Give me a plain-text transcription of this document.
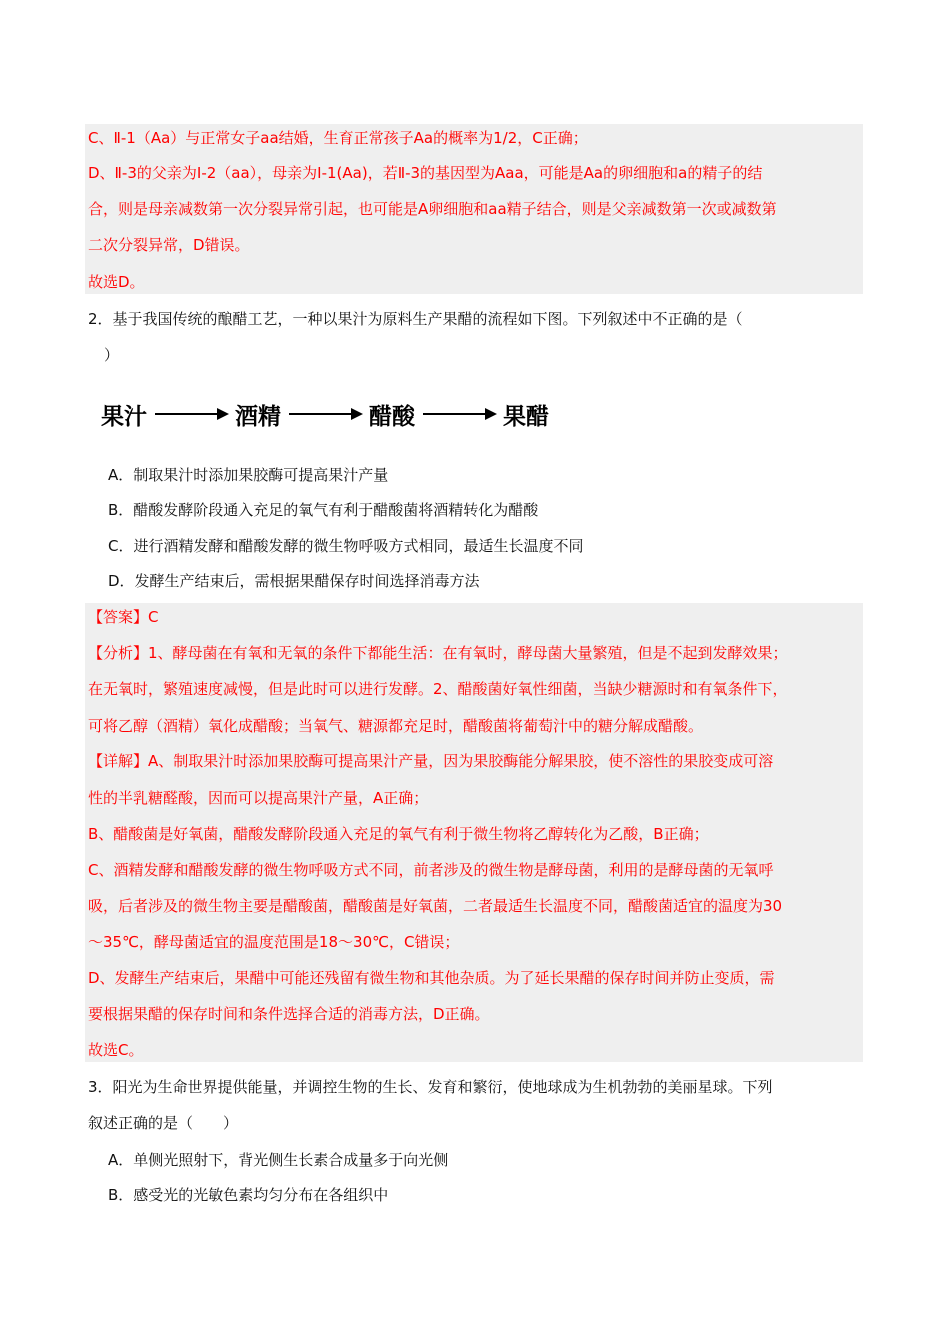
C、Ⅱ-1（Aa）与正常女子aa结婚，生育正常孩子Aa的概率为1/2，C正确；
D、Ⅱ-3的父亲为I-2（aa），母亲为I-1(Aa)，若Ⅱ-3的基因型为Aaa，可能是Aa的卵细胞和a的精子的结
合，则是母亲减数第一次分裂异常引起，也可能是A卵细胞和aa精子结合，则是父亲减数第一次或减数第
二次分裂异常，D错误。
故选D。
2．基于我国传统的酿醋工艺，一种以果汁为原料生产果醋的流程如下图。下列叙述中不正确的是（
）
果汁	酒精	醋酸	果醋
A．制取果汁时添加果胶酶可提高果汁产量
B．醋酸发酵阶段通入充足的氧气有利于醋酸菌将酒精转化为醋酸
C．进行酒精发酵和醋酸发酵的微生物呼吸方式相同，最适生长温度不同
D．发酵生产结束后，需根据果醋保存时间选择消毒方法
【答案】C
【分析】1、酵母菌在有氧和无氧的条件下都能生活：在有氧时，酵母菌大量繁殖，但是不起到发酵效果；
在无氧时，繁殖速度减慢，但是此时可以进行发酵。2、醋酸菌好氧性细菌，当缺少糖源时和有氧条件下，
可将乙醇（酒精）氧化成醋酸；当氧气、糖源都充足时，醋酸菌将葡萄汁中的糖分解成醋酸。
【详解】A、制取果汁时添加果胶酶可提高果汁产量，因为果胶酶能分解果胶，使不溶性的果胶变成可溶
性的半乳糖醛酸，因而可以提高果汁产量，A正确；
B、醋酸菌是好氧菌，醋酸发酵阶段通入充足的氧气有利于微生物将乙醇转化为乙酸，B正确；
C、酒精发酵和醋酸发酵的微生物呼吸方式不同，前者涉及的微生物是酵母菌，利用的是酵母菌的无氧呼
吸，后者涉及的微生物主要是醋酸菌，醋酸菌是好氧菌，二者最适生长温度不同，醋酸菌适宜的温度为30
～35℃，酵母菌适宜的温度范围是18～30℃，C错误；
D、发酵生产结束后，果醋中可能还残留有微生物和其他杂质。为了延长果醋的保存时间并防止变质，需
要根据果醋的保存时间和条件选择合适的消毒方法，D正确。
故选C。
3．阳光为生命世界提供能量，并调控生物的生长、发育和繁衍，使地球成为生机勃勃的美丽星球。下列
叙述正确的是（　　）
A．单侧光照射下，背光侧生长素合成量多于向光侧
B．感受光的光敏色素均匀分布在各组织中
